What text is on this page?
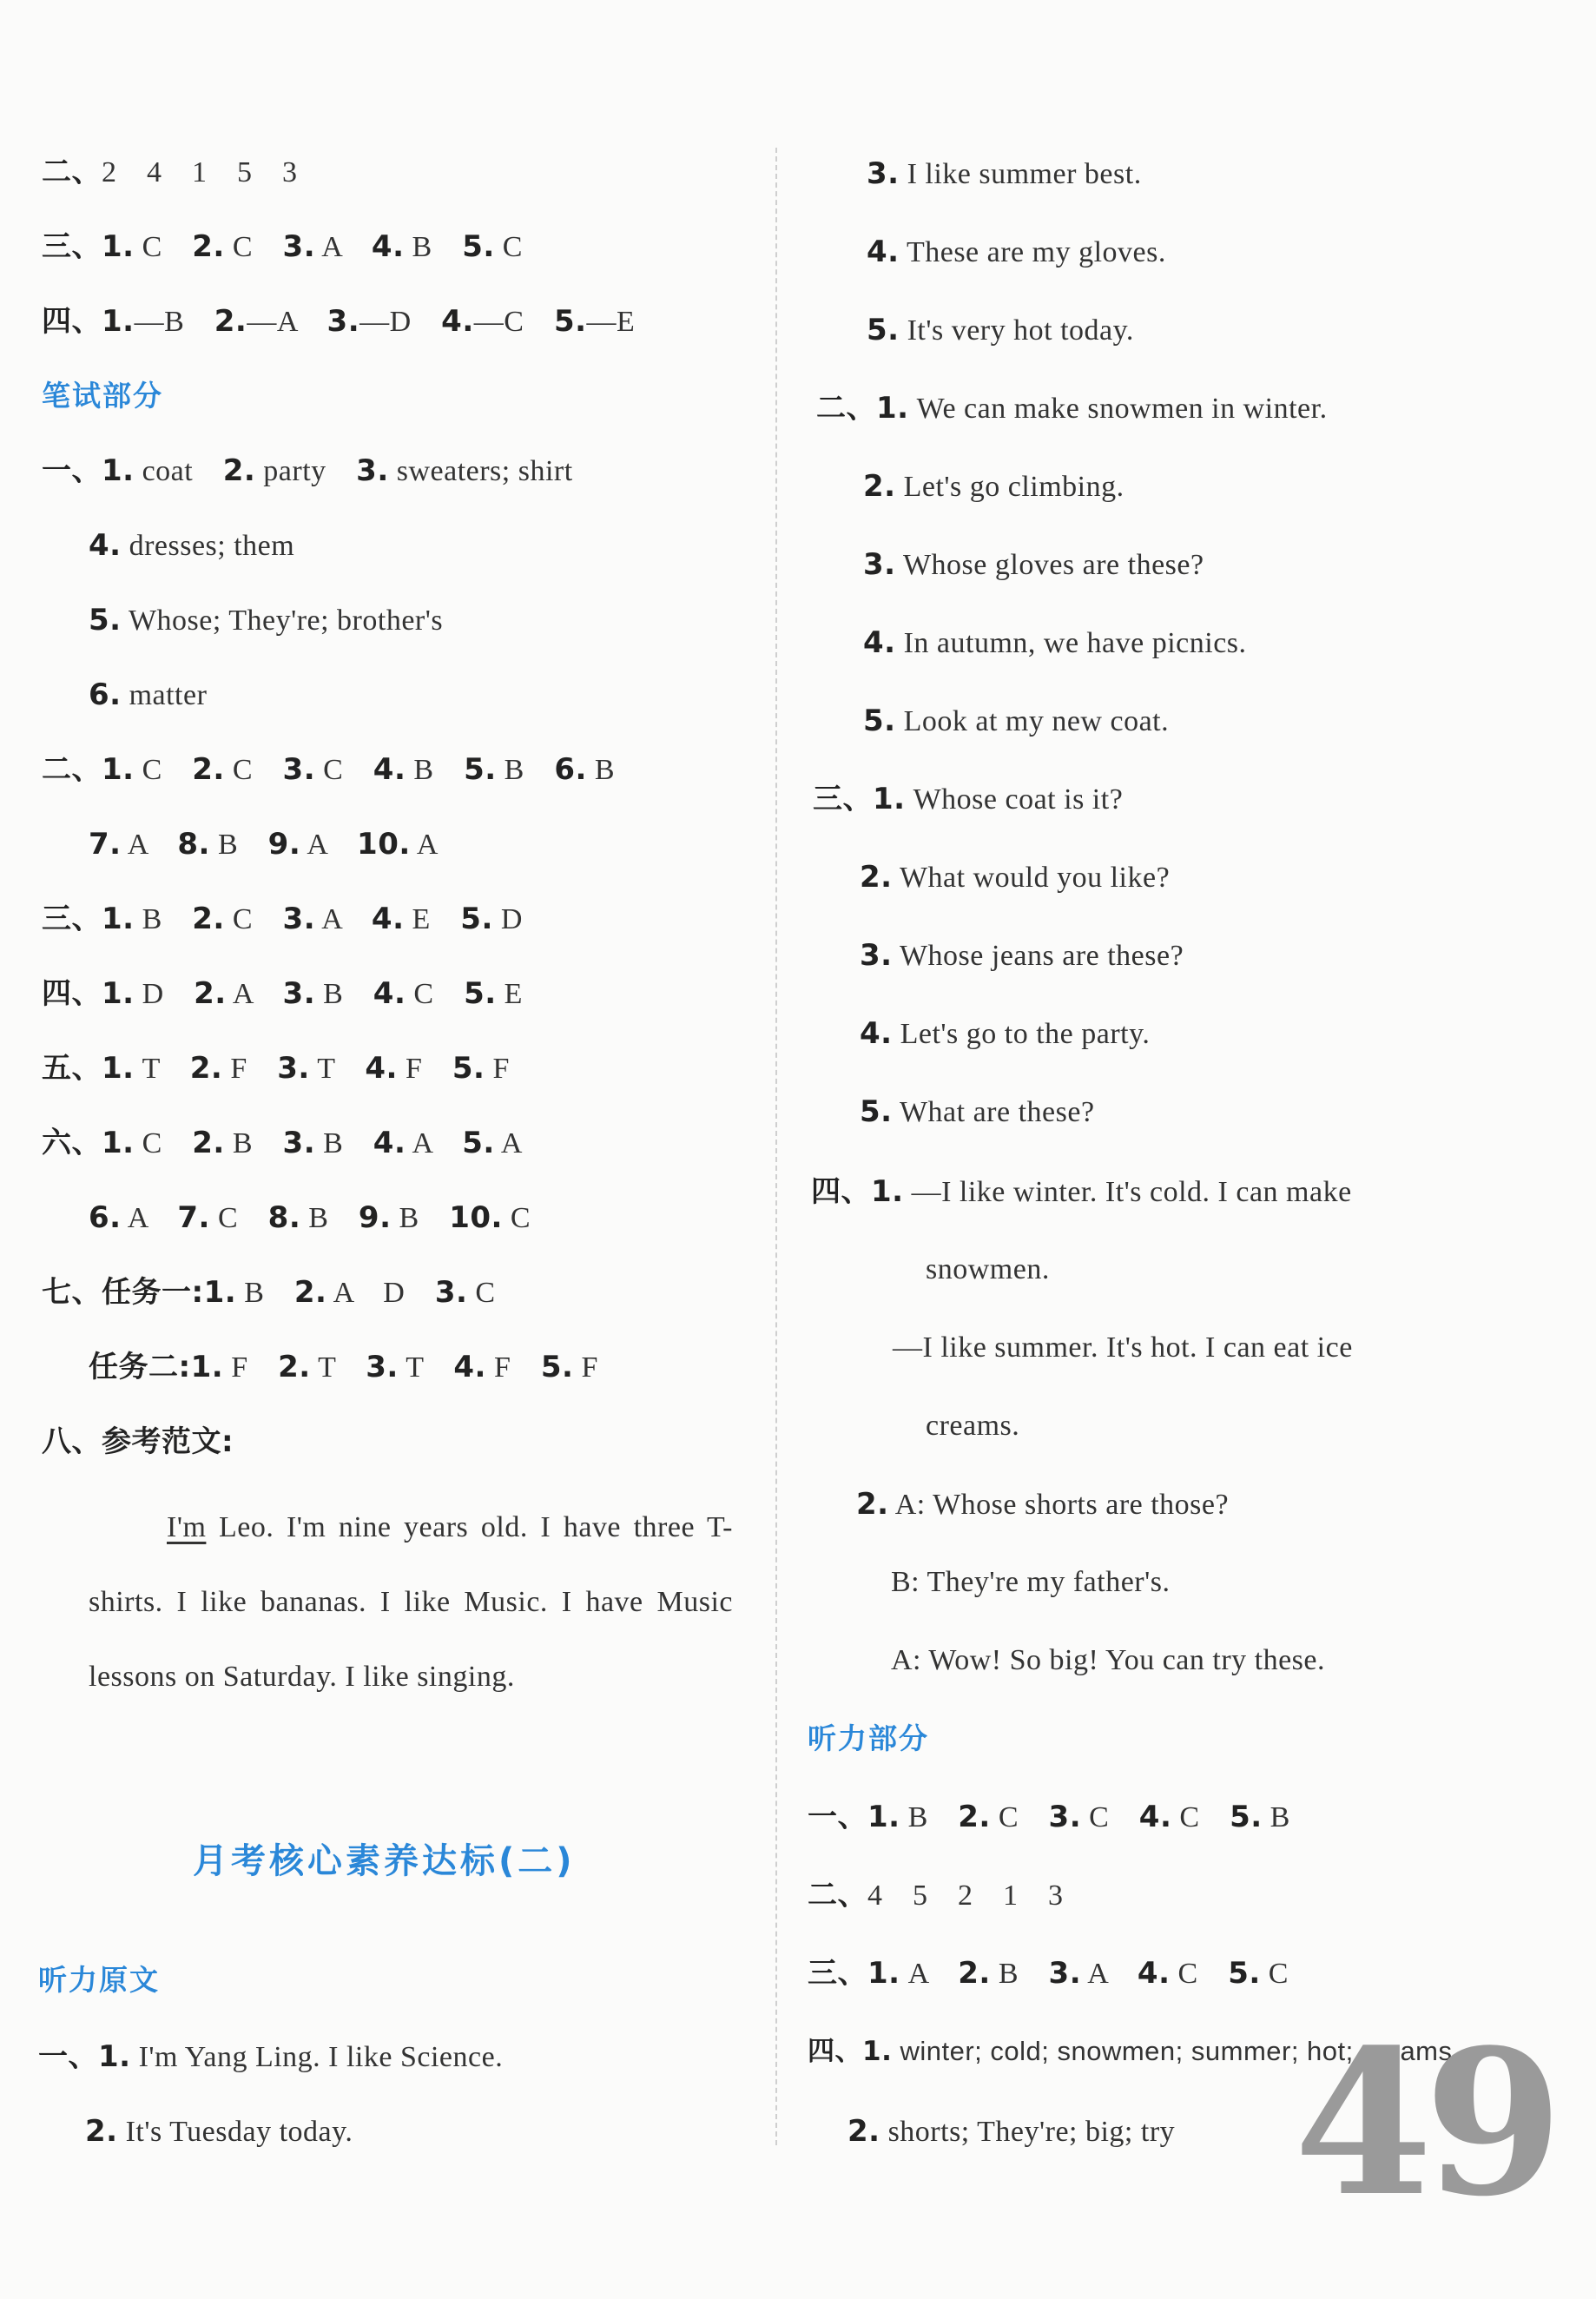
二、2　4　1　5　3
三、1. C　2. C　3. A　4. B　5. C
四、1.—B　2.—A　3.—D　4.—C　5.—E
笔试部分
一、1. coat　2. party　3. sweaters; shirt
4. dresses; them
5. Whose; They're; brother's
6. matter
二、1. C　2. C　3. C　4. B　5. B　6. B
7. A　8. B　9. A　10. A
三、1. B　2. C　3. A　4. E　5. D
四、1. D　2. A　3. B　4. C　5. E
五、1. T　2. F　3. T　4. F　5. F
六、1. C　2. B　3. B　4. A　5. A
6. A　7. C　8. B　9. B　10. C
七、任务一:1. B　2. A　D　3. C
任务二:1. F　2. T　3. T　4. F　5. F
八、参考范文:
I'm Leo. I'm nine years old. I have three T-shirts. I like bananas. I like Music. I have Music lessons on Saturday. I like singing.
月考核心素养达标(二)
听力原文
一、1. I'm Yang Ling. I like Science.
2. It's Tuesday today.
3. I like summer best.
4. These are my gloves.
5. It's very hot today.
二、1. We can make snowmen in winter.
2. Let's go climbing.
3. Whose gloves are these?
4. In autumn, we have picnics.
5. Look at my new coat.
三、1. Whose coat is it?
2. What would you like?
3. Whose jeans are these?
4. Let's go to the party.
5. What are these?
四、1. —I like winter. It's cold. I can make
snowmen.
—I like summer. It's hot. I can eat ice
creams.
2. A: Whose shorts are those?
B: They're my father's.
A: Wow! So big! You can try these.
听力部分
一、1. B　2. C　3. C　4. C　5. B
二、4　5　2　1　3
三、1. A　2. B　3. A　4. C　5. C
四、1. winter; cold; snowmen; summer; hot; creams
2. shorts; They're; big; try 49
